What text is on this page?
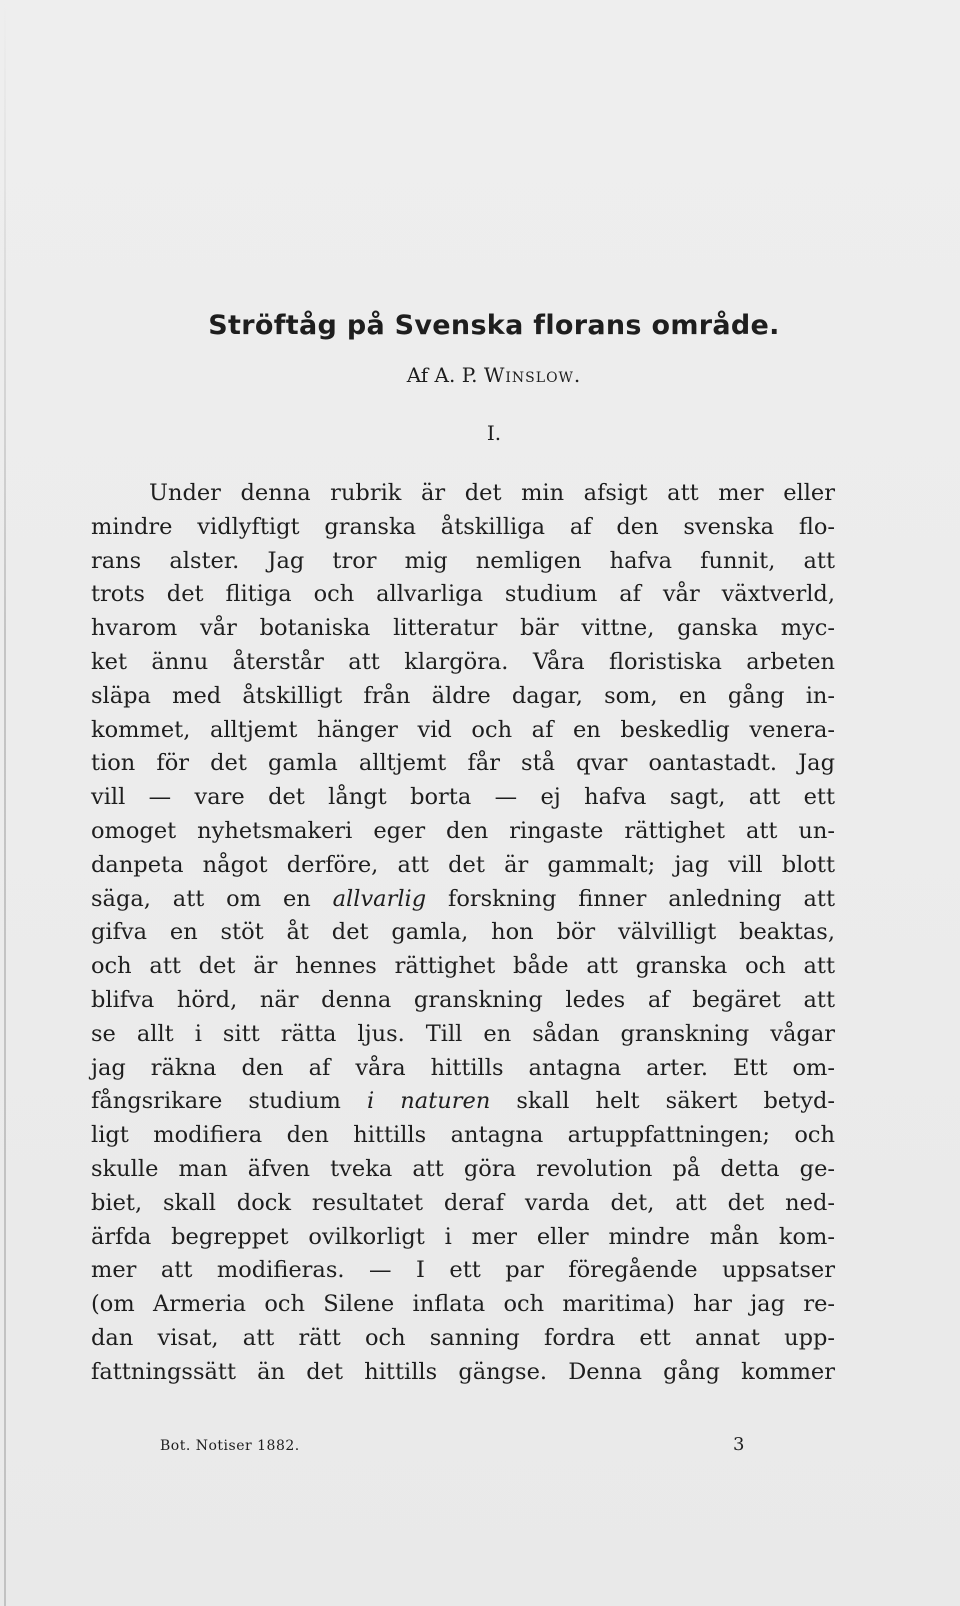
Ströftåg på Svenska florans område.
Af A. P. Winslow.
I.
Under denna rubrik är det min afsigt att mer eller
mindre vidlyftigt granska åtskilliga af den svenska flo-
rans alster. Jag tror mig nemligen hafva funnit, att
trots det flitiga och allvarliga studium af vår växtverld,
hvarom vår botaniska litteratur bär vittne, ganska myc-
ket ännu återstår att klargöra. Våra floristiska arbeten
släpa med åtskilligt från äldre dagar, som, en gång in-
kommet, alltjemt hänger vid och af en beskedlig venera-
tion för det gamla alltjemt får stå qvar oantastadt. Jag
vill — vare det långt borta — ej hafva sagt, att ett
omoget nyhetsmakeri eger den ringaste rättighet att un-
danpeta något derföre, att det är gammalt; jag vill blott
säga, att om en allvarlig forskning finner anledning att
gifva en stöt åt det gamla, hon bör välvilligt beaktas,
och att det är hennes rättighet både att granska och att
blifva hörd, när denna granskning ledes af begäret att
se allt i sitt rätta ljus. Till en sådan granskning vågar
jag räkna den af våra hittills antagna arter. Ett om-
fångsrikare studium i naturen skall helt säkert betyd-
ligt modifiera den hittills antagna artuppfattningen; och
skulle man äfven tveka att göra revolution på detta ge-
biet, skall dock resultatet deraf varda det, att det ned-
ärfda begreppet ovilkorligt i mer eller mindre mån kom-
mer att modifieras. — I ett par föregående uppsatser
(om Armeria och Silene inflata och maritima) har jag re-
dan visat, att rätt och sanning fordra ett annat upp-
fattningssätt än det hittills gängse. Denna gång kommer
Bot. Notiser 1882.	3
